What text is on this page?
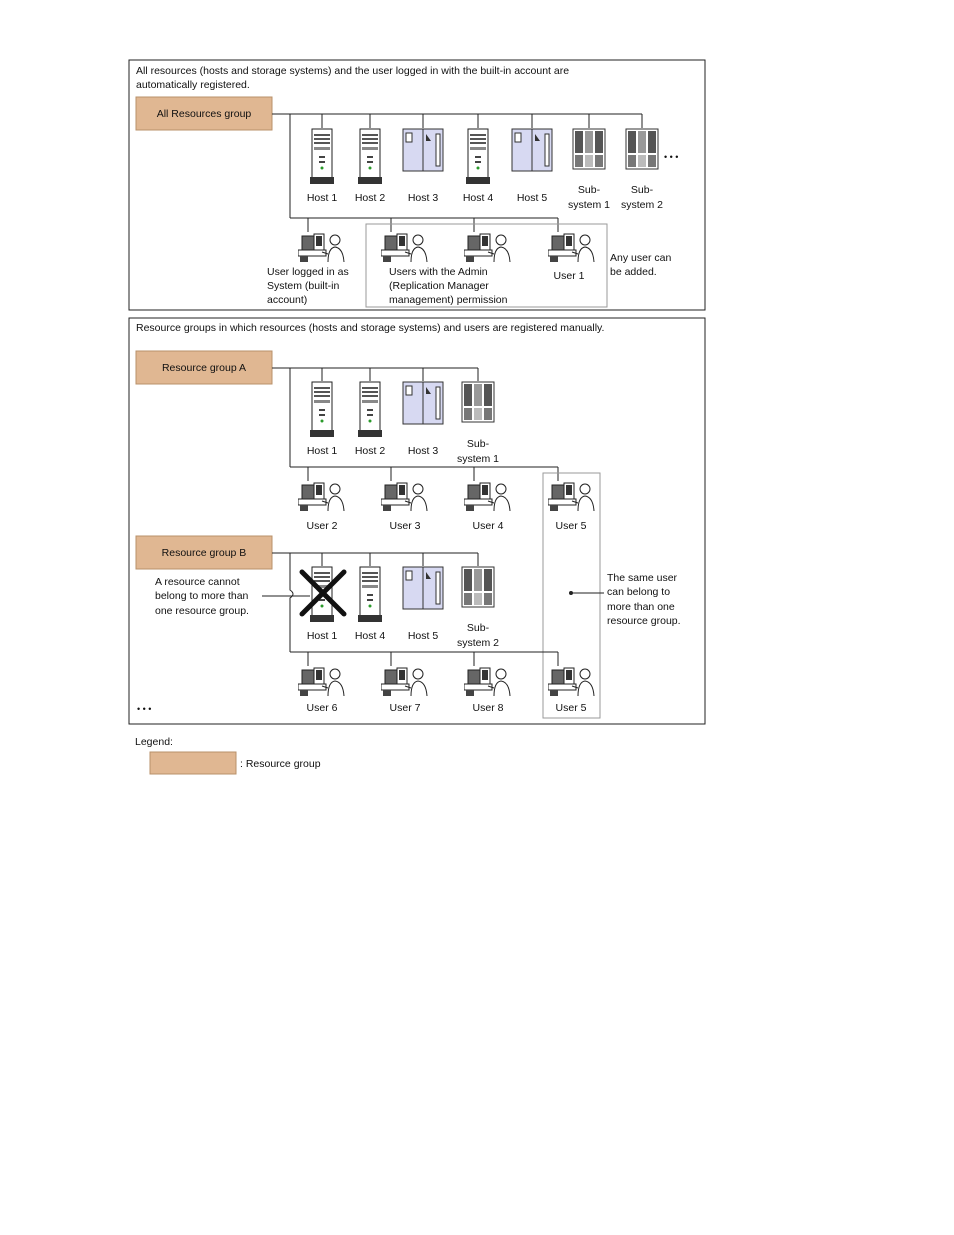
All resources (hosts and storage systems) and the user logged in with the built-in account are
automatically registered.
All Resources group
Host 1 Host 2 Host 3 Host 4 Host 5
Sub-
system 1
Sub-
system 2
• • •
User logged in as
System (built-in
account)
Users with the Admin
(Replication Manager
management) permission
User 1
Any user can
be added.
Resource groups in which resources (hosts and storage systems) and users are registered manually.
Resource group A
Host 1 Host 2 Host 3
Sub-
system 1
User 2	User 3	User 4	User 5
Resource group B
Host 1 Host 4 Host 5
Sub-
system 2
A resource cannot
belong to more than
one resource group.
The same user
can belong to
more than one
resource group.
User 6	User 7	User 8	User 5
• • •
Legend:
: Resource group
